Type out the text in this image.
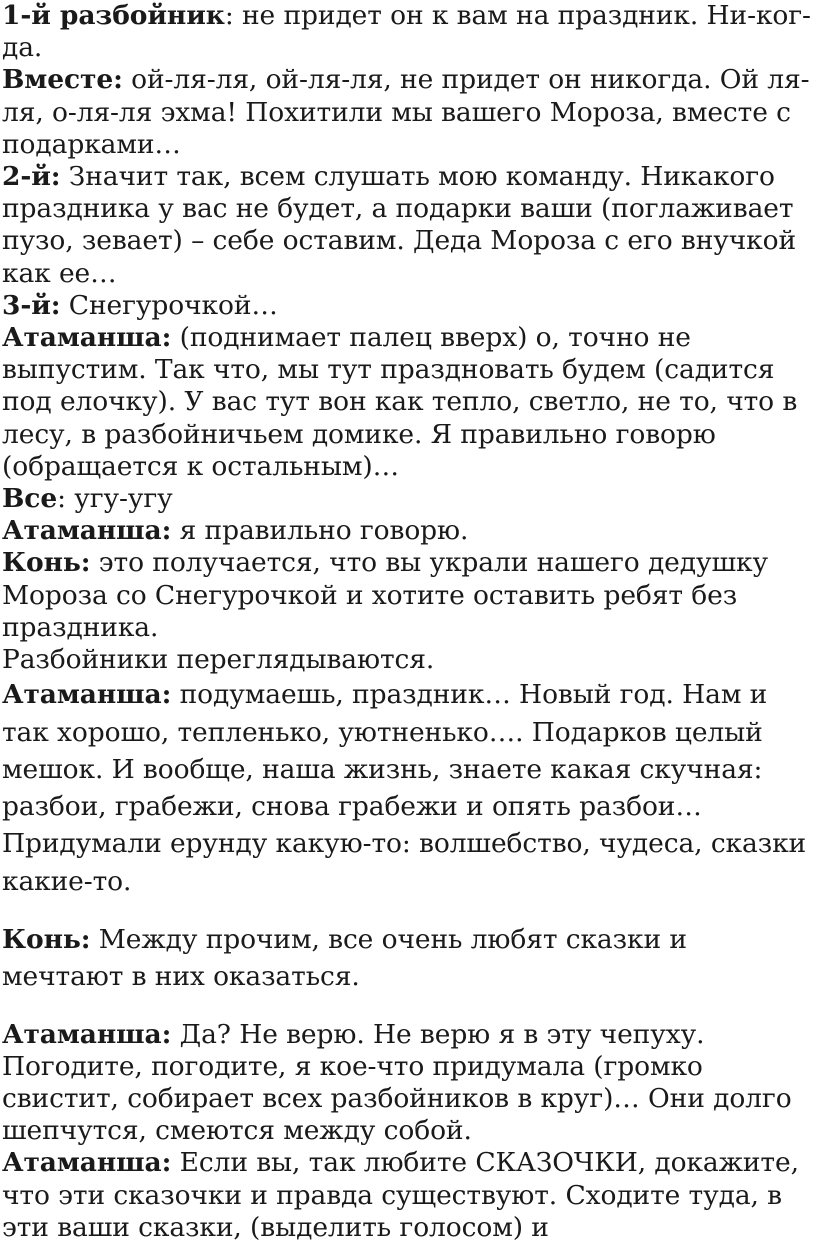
1-й разбойник: не придет он к вам на праздник. Ни-ког-да.

Вместе: ой-ля-ля, ой-ля-ля, не придет он никогда. Ой ля-ля, о-ля-ля эхма! Похитили мы вашего Мороза, вместе с подарками…

2-й: Значит так, всем слушать мою команду. Никакого праздника у вас не будет, а подарки ваши (поглаживает пузо, зевает) – себе оставим. Деда Мороза с его внучкой как ее…

3-й: Снегурочкой…

Атаманша: (поднимает палец вверх) о, точно не выпустим. Так что, мы тут праздновать будем (садится под елочку). У вас тут вон как тепло, светло, не то, что в лесу, в разбойничьем домике. Я правильно говорю (обращается к остальным)…

Все: угу-угу

Атаманша: я правильно говорю.

Конь: это получается, что вы украли нашего дедушку Мороза со Снегурочкой и хотите оставить ребят без праздника.

Разбойники переглядываются.

Атаманша: подумаешь, праздник… Новый год. Нам и так хорошо, тепленько, уютненько…. Подарков целый мешок. И вообще, наша жизнь, знаете какая скучная: разбои, грабежи, снова грабежи и опять разбои… Придумали ерунду какую-то: волшебство, чудеса, сказки какие-то.

Конь: Между прочим, все очень любят сказки и мечтают в них оказаться.

Атаманша: Да? Не верю. Не верю я в эту чепуху. Погодите, погодите, я кое-что придумала (громко свистит, собирает всех разбойников в круг)… Они долго шепчутся, смеются между собой.

Атаманша: Если вы, так любите СКАЗОЧКИ, докажите, что эти сказочки и правда существуют. Сходите туда, в эти ваши сказки, (выделить голосом) и
